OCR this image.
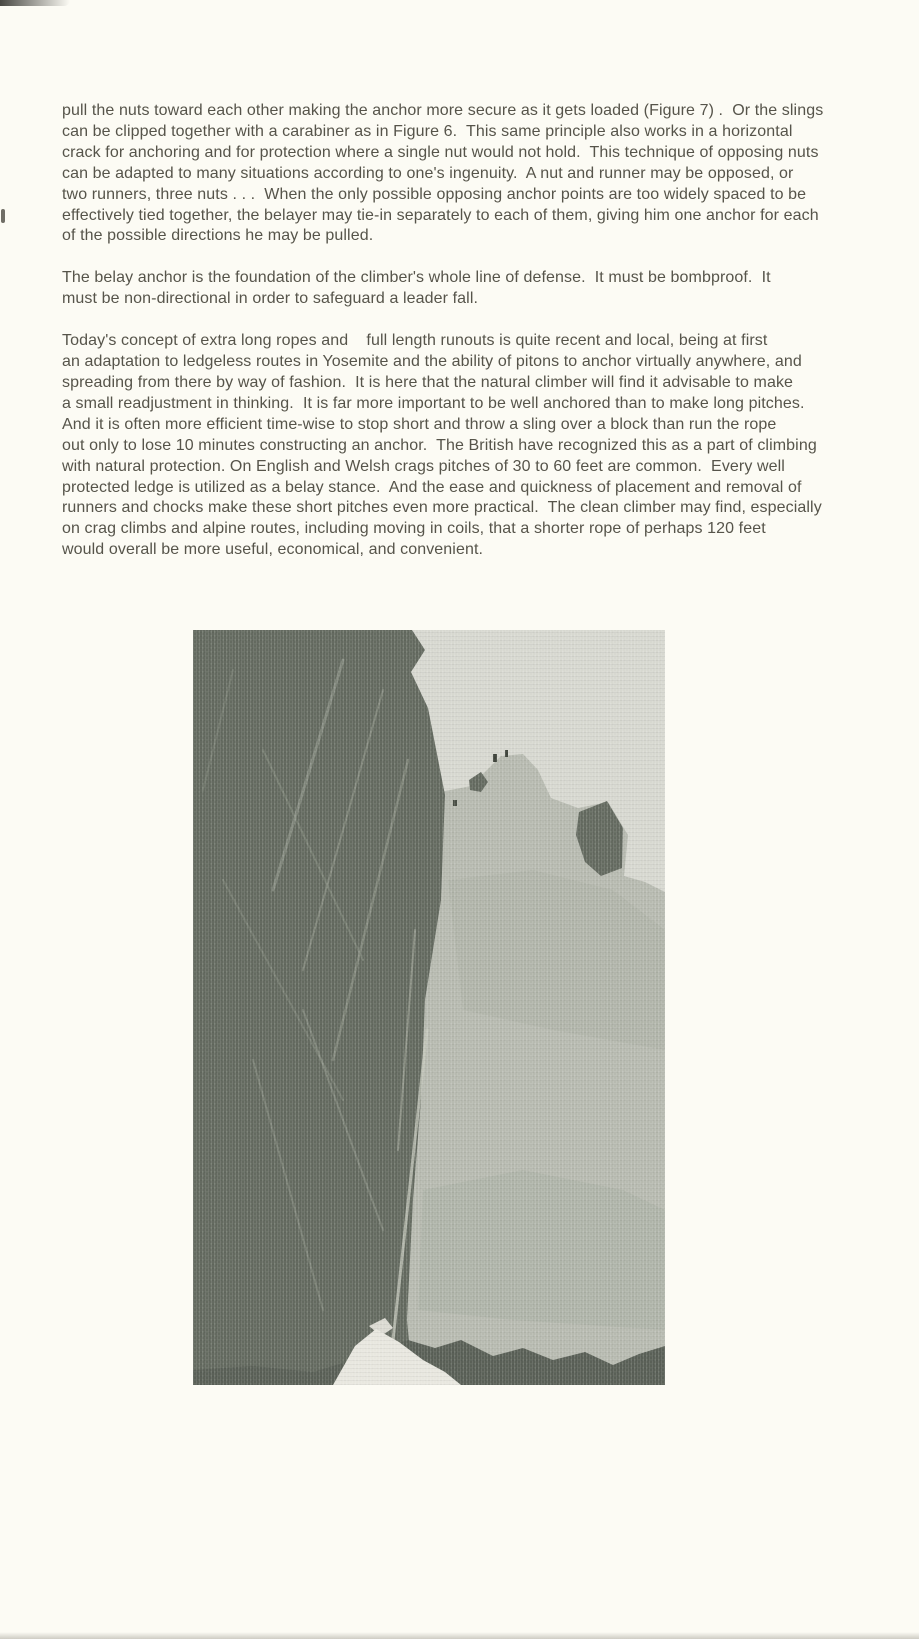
pull the nuts toward each other making the anchor more secure as it gets loaded (Figure 7) .  Or the slings
can be clipped together with a carabiner as in Figure 6.  This same principle also works in a horizontal
crack for anchoring and for protection where a single nut would not hold.  This technique of opposing nuts
can be adapted to many situations according to one's ingenuity.  A nut and runner may be opposed, or
two runners, three nuts . . .  When the only possible opposing anchor points are too widely spaced to be
effectively tied together, the belayer may tie-in separately to each of them, giving him one anchor for each
of the possible directions he may be pulled.
The belay anchor is the foundation of the climber's whole line of defense.  It must be bombproof.  It
must be non-directional in order to safeguard a leader fall.
Today's concept of extra long ropes and    full length runouts is quite recent and local, being at first
an adaptation to ledgeless routes in Yosemite and the ability of pitons to anchor virtually anywhere, and
spreading from there by way of fashion.  It is here that the natural climber will find it advisable to make
a small readjustment in thinking.  It is far more important to be well anchored than to make long pitches.
And it is often more efficient time-wise to stop short and throw a sling over a block than run the rope
out only to lose 10 minutes constructing an anchor.  The British have recognized this as a part of climbing
with natural protection. On English and Welsh crags pitches of 30 to 60 feet are common.  Every well
protected ledge is utilized as a belay stance.  And the ease and quickness of placement and removal of
runners and chocks make these short pitches even more practical.  The clean climber may find, especially
on crag climbs and alpine routes, including moving in coils, that a shorter rope of perhaps 120 feet
would overall be more useful, economical, and convenient.
